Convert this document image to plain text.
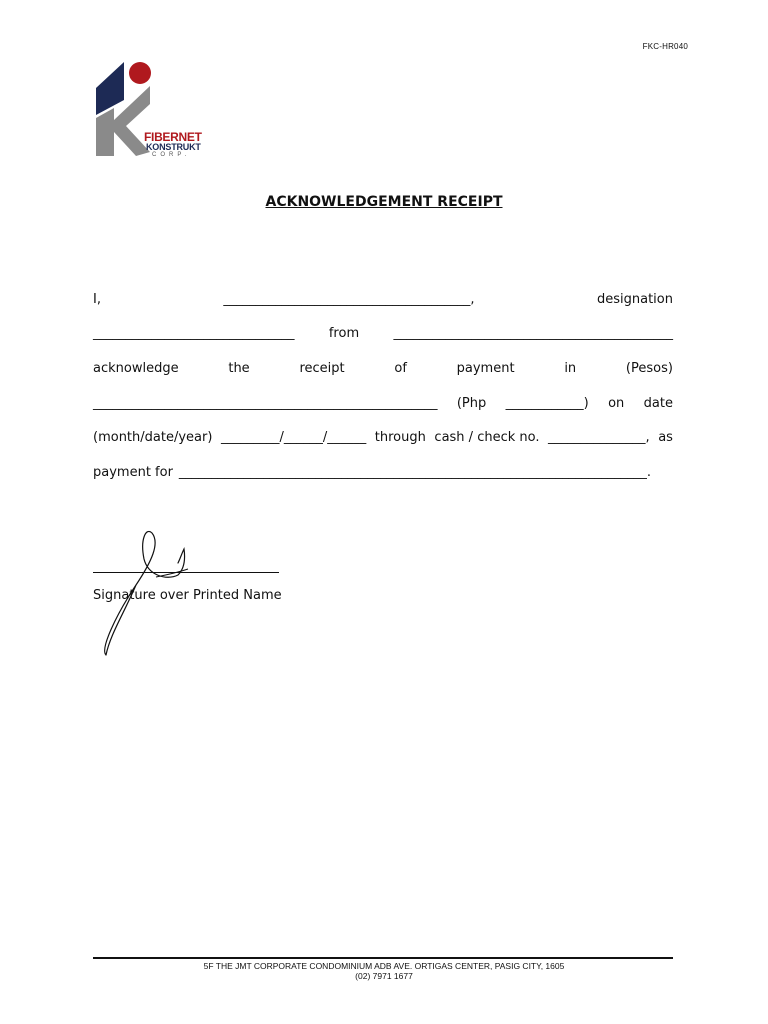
FKC-HR040
FIBERNET
KONSTRUKT
CORP.
ACKNOWLEDGEMENT RECEIPT
I,	______________________________________,	designation
_______________________________	from	___________________________________________
acknowledge	the	receipt	of	payment	in	(Pesos)
_____________________________________________________ (Php ____________) on date
(month/date/year) _________/______/______ through cash / check no. _______________, as
payment for ________________________________________________________________________.
Signature over Printed Name
5F THE JMT CORPORATE CONDOMINIUM ADB AVE. ORTIGAS CENTER, PASIG CITY, 1605
(02) 7971 1677
